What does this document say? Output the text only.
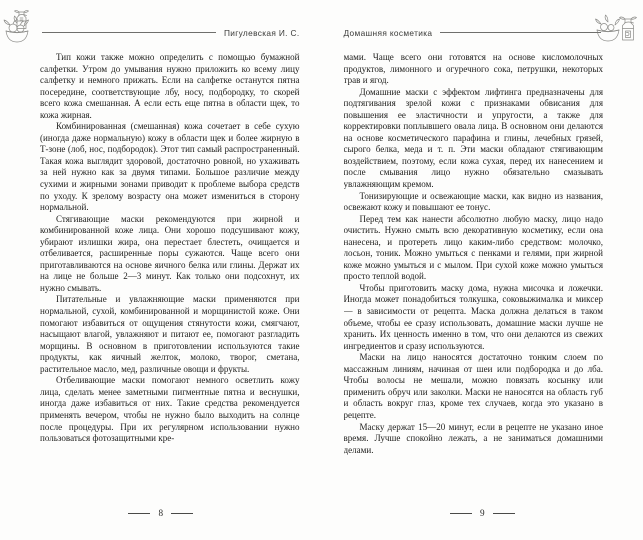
Пигулевская И. С.

Тип кожи также можно определить с помощью бумажной салфетки. Утром до умывания нужно приложить ко всему лицу салфетку и немного прижать. Если на салфетке останутся пятна посередине, соответствующие лбу, носу, подбородку, то скорей всего кожа смешанная. А если есть еще пятна в области щек, то кожа жирная.

Комбинированная (смешанная) кожа сочетает в себе сухую (иногда даже нормальную) кожу в области щек и более жирную в Т-зоне (лоб, нос, подбородок). Этот тип самый распространенный. Такая кожа выглядит здоровой, достаточно ровной, но ухаживать за ней нужно как за двумя типами. Большое различие между сухими и жирными зонами приводит к проблеме выбора средств по уходу. К зрелому возрасту она может измениться в сторону нормальной.

Стягивающие маски рекомендуются при жирной и комбинированной коже лица. Они хорошо подсушивают кожу, убирают излишки жира, она перестает блестеть, очищается и отбеливается, расширенные поры сужаются. Чаще всего они приготавливаются на основе яичного белка или глины. Держат их на лице не больше 2—3 минут. Как только они подсохнут, их нужно смывать.

Питательные и увлажняющие маски применяются при нормальной, сухой, комбинированной и морщинистой коже. Они помогают избавиться от ощущения стянутости кожи, смягчают, насыщают влагой, увлажняют и питают ее, помогают разгладить морщины. В основном в приготовлении используются такие продукты, как яичный желток, молоко, творог, сметана, растительное масло, мед, различные овощи и фрукты.

Отбеливающие маски помогают немного осветлить кожу лица, сделать менее заметными пигментные пятна и веснушки, иногда даже избавиться от них. Такие средства рекомендуется применять вечером, чтобы не нужно было выходить на солнце после процедуры. При их регулярном использовании нужно пользоваться фотозащитными кре-

8
Домашняя косметика

мами. Чаще всего они готовятся на основе кисломолочных продуктов, лимонного и огуречного сока, петрушки, некоторых трав и ягод.

Домашние маски с эффектом лифтинга предназначены для подтягивания зрелой кожи с признаками обвисания для повышения ее эластичности и упругости, а также для корректировки поплывшего овала лица. В основном они делаются на основе косметического парафина и глины, лечебных грязей, сырого белка, меда и т. п. Эти маски обладают стягивающим воздействием, поэтому, если кожа сухая, перед их нанесением и после смывания лицо нужно обязательно смазывать увлажняющим кремом.

Тонизирующие и освежающие маски, как видно из названия, освежают кожу и повышают ее тонус.

Перед тем как нанести абсолютно любую маску, лицо надо очистить. Нужно смыть всю декоративную косметику, если она нанесена, и протереть лицо каким-либо средством: молочко, лосьон, тоник. Можно умыться с пенками и гелями, при жирной коже можно умыться и с мылом. При сухой коже можно умыться просто теплой водой.

Чтобы приготовить маску дома, нужна мисочка и ложечки. Иногда может понадобиться толкушка, соковыжималка и миксер — в зависимости от рецепта. Маска должна делаться в таком объеме, чтобы ее сразу использовать, домашние маски лучше не хранить. Их ценность именно в том, что они делаются из свежих ингредиентов и сразу используются.

Маски на лицо наносятся достаточно тонким слоем по массажным линиям, начиная от шеи или подбородка и до лба. Чтобы волосы не мешали, можно повязать косынку или применить обруч или заколки. Маски не наносятся на область губ и область вокруг глаз, кроме тех случаев, когда это указано в рецепте.

Маску держат 15—20 минут, если в рецепте не указано иное время. Лучше спокойно лежать, а не заниматься домашними делами.

9
